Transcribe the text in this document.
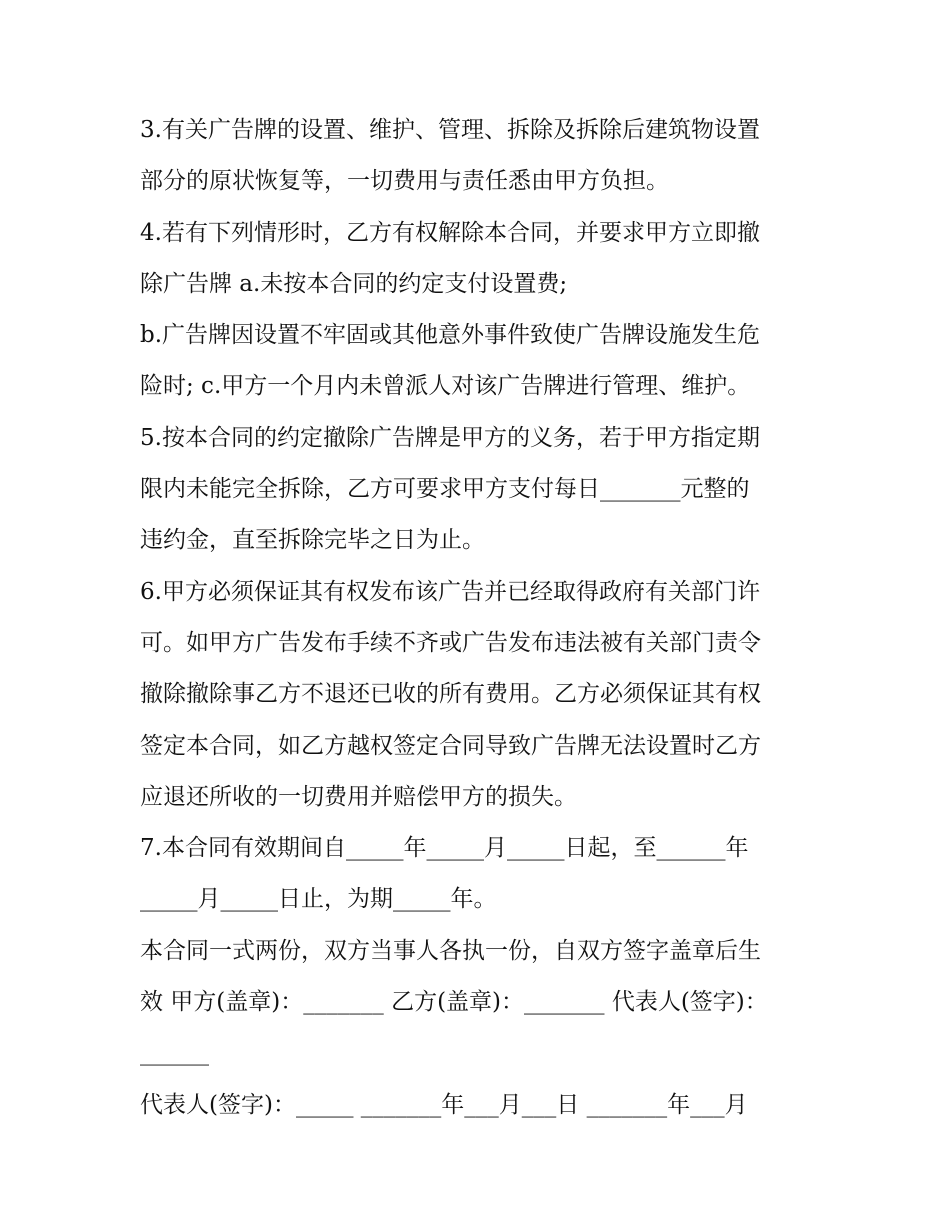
3.有关广告牌的设置、维护、管理、拆除及拆除后建筑物设置

部分的原状恢复等，一切费用与责任悉由甲方负担。

4.若有下列情形时，乙方有权解除本合同，并要求甲方立即撤

除广告牌 a.未按本合同的约定支付设置费;

b.广告牌因设置不牢固或其他意外事件致使广告牌设施发生危

险时; c.甲方一个月内未曾派人对该广告牌进行管理、维护。

5.按本合同的约定撤除广告牌是甲方的义务，若于甲方指定期

限内未能完全拆除，乙方可要求甲方支付每日_______元整的

违约金，直至拆除完毕之日为止。

6.甲方必须保证其有权发布该广告并已经取得政府有关部门许

可。如甲方广告发布手续不齐或广告发布违法被有关部门责令

撤除撤除事乙方不退还已收的所有费用。乙方必须保证其有权

签定本合同，如乙方越权签定合同导致广告牌无法设置时乙方

应退还所收的一切费用并赔偿甲方的损失。

7.本合同有效期间自_____年_____月_____日起，至______年

_____月_____日止，为期_____年。

本合同一式两份，双方当事人各执一份，自双方签字盖章后生

效 甲方(盖章)：_______ 乙方(盖章)：_______ 代表人(签字)：

______

代表人(签字)：_____ _______年___月___日 _______年___月
